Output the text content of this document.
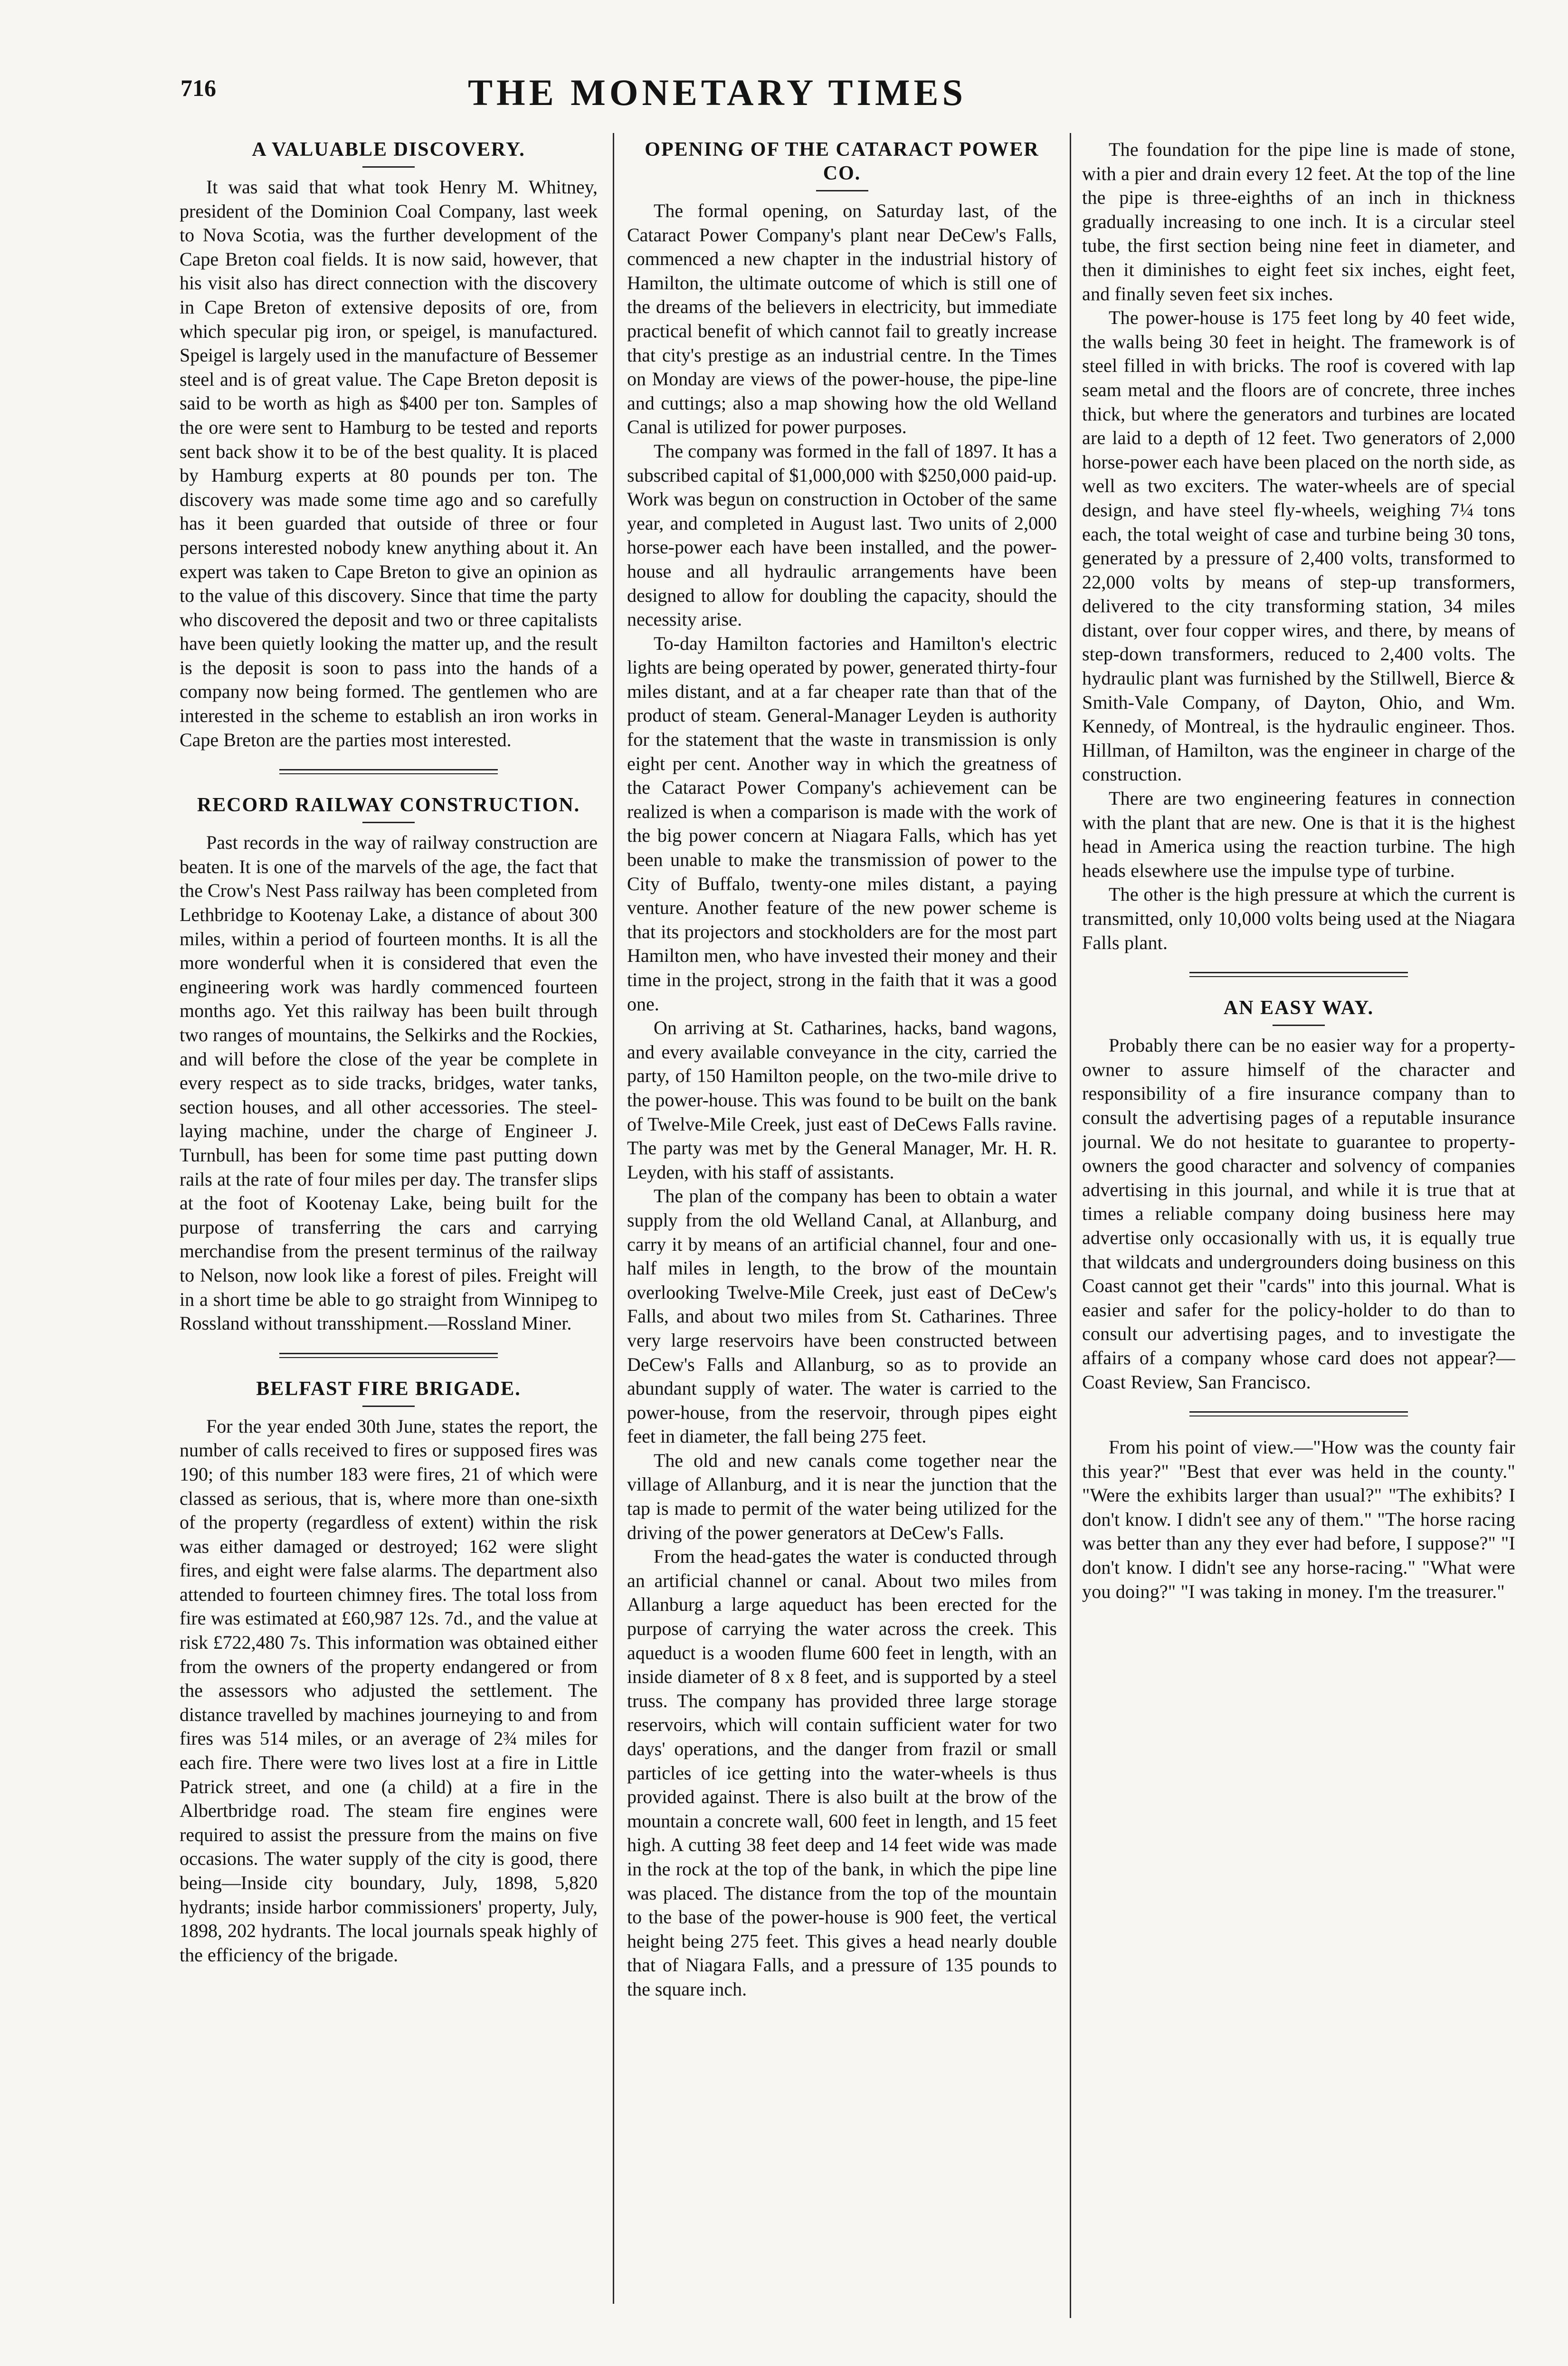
716	THE MONETARY TIMES
A VALUABLE DISCOVERY.

It was said that what took Henry M. Whitney, president of the Dominion Coal Company, last week to Nova Scotia, was the further development of the Cape Breton coal fields. It is now said, however, that his visit also has direct connection with the discovery in Cape Breton of extensive deposits of ore, from which specular pig iron, or speigel, is manufactured. Speigel is largely used in the manufacture of Bessemer steel and is of great value. The Cape Breton deposit is said to be worth as high as $400 per ton. Samples of the ore were sent to Hamburg to be tested and reports sent back show it to be of the best quality. It is placed by Hamburg experts at 80 pounds per ton. The discovery was made some time ago and so carefully has it been guarded that outside of three or four persons interested nobody knew anything about it. An expert was taken to Cape Breton to give an opinion as to the value of this discovery. Since that time the party who discovered the deposit and two or three capitalists have been quietly looking the matter up, and the result is the deposit is soon to pass into the hands of a company now being formed. The gentlemen who are interested in the scheme to establish an iron works in Cape Breton are the parties most interested.

RECORD RAILWAY CONSTRUCTION.

Past records in the way of railway construction are beaten. It is one of the marvels of the age, the fact that the Crow's Nest Pass railway has been completed from Lethbridge to Kootenay Lake, a distance of about 300 miles, within a period of fourteen months. It is all the more wonderful when it is considered that even the engineering work was hardly commenced fourteen months ago. Yet this railway has been built through two ranges of mountains, the Selkirks and the Rockies, and will before the close of the year be complete in every respect as to side tracks, bridges, water tanks, section houses, and all other accessories. The steel-laying machine, under the charge of Engineer J. Turnbull, has been for some time past putting down rails at the rate of four miles per day. The transfer slips at the foot of Kootenay Lake, being built for the purpose of transferring the cars and carrying merchandise from the present terminus of the railway to Nelson, now look like a forest of piles. Freight will in a short time be able to go straight from Winnipeg to Rossland without transshipment.—Rossland Miner.

BELFAST FIRE BRIGADE.

For the year ended 30th June, states the report, the number of calls received to fires or supposed fires was 190; of this number 183 were fires, 21 of which were classed as serious, that is, where more than one-sixth of the property (regardless of extent) within the risk was either damaged or destroyed; 162 were slight fires, and eight were false alarms. The department also attended to fourteen chimney fires. The total loss from fire was estimated at £60,987 12s. 7d., and the value at risk £722,480 7s. This information was obtained either from the owners of the property endangered or from the assessors who adjusted the settlement. The distance travelled by machines journeying to and from fires was 514 miles, or an average of 2¾ miles for each fire. There were two lives lost at a fire in Little Patrick street, and one (a child) at a fire in the Albertbridge road. The steam fire engines were required to assist the pressure from the mains on five occasions. The water supply of the city is good, there being—Inside city boundary, July, 1898, 5,820 hydrants; inside harbor commissioners' property, July, 1898, 202 hydrants. The local journals speak highly of the efficiency of the brigade.

OPENING OF THE CATARACT POWER CO.

The formal opening, on Saturday last, of the Cataract Power Company's plant near DeCew's Falls, commenced a new chapter in the industrial history of Hamilton, the ultimate outcome of which is still one of the dreams of the believers in electricity, but immediate practical benefit of which cannot fail to greatly increase that city's prestige as an industrial centre. In the Times on Monday are views of the power-house, the pipe-line and cuttings; also a map showing how the old Welland Canal is utilized for power purposes.

The company was formed in the fall of 1897. It has a subscribed capital of $1,000,000 with $250,000 paid-up. Work was begun on construction in October of the same year, and completed in August last. Two units of 2,000 horse-power each have been installed, and the power-house and all hydraulic arrangements have been designed to allow for doubling the capacity, should the necessity arise.

To-day Hamilton factories and Hamilton's electric lights are being operated by power, generated thirty-four miles distant, and at a far cheaper rate than that of the product of steam. General-Manager Leyden is authority for the statement that the waste in transmission is only eight per cent. Another way in which the greatness of the Cataract Power Company's achievement can be realized is when a comparison is made with the work of the big power concern at Niagara Falls, which has yet been unable to make the transmission of power to the City of Buffalo, twenty-one miles distant, a paying venture. Another feature of the new power scheme is that its projectors and stockholders are for the most part Hamilton men, who have invested their money and their time in the project, strong in the faith that it was a good one.

On arriving at St. Catharines, hacks, band wagons, and every available conveyance in the city, carried the party, of 150 Hamilton people, on the two-mile drive to the power-house. This was found to be built on the bank of Twelve-Mile Creek, just east of DeCews Falls ravine. The party was met by the General Manager, Mr. H. R. Leyden, with his staff of assistants.

The plan of the company has been to obtain a water supply from the old Welland Canal, at Allanburg, and carry it by means of an artificial channel, four and one-half miles in length, to the brow of the mountain overlooking Twelve-Mile Creek, just east of DeCew's Falls, and about two miles from St. Catharines. Three very large reservoirs have been constructed between DeCew's Falls and Allanburg, so as to provide an abundant supply of water. The water is carried to the power-house, from the reservoir, through pipes eight feet in diameter, the fall being 275 feet.

The old and new canals come together near the village of Allanburg, and it is near the junction that the tap is made to permit of the water being utilized for the driving of the power generators at DeCew's Falls.

From the head-gates the water is conducted through an artificial channel or canal. About two miles from Allanburg a large aqueduct has been erected for the purpose of carrying the water across the creek. This aqueduct is a wooden flume 600 feet in length, with an inside diameter of 8 x 8 feet, and is supported by a steel truss. The company has provided three large storage reservoirs, which will contain sufficient water for two days' operations, and the danger from frazil or small particles of ice getting into the water-wheels is thus provided against. There is also built at the brow of the mountain a concrete wall, 600 feet in length, and 15 feet high. A cutting 38 feet deep and 14 feet wide was made in the rock at the top of the bank, in which the pipe line was placed. The distance from the top of the mountain to the base of the power-house is 900 feet, the vertical height being 275 feet. This gives a head nearly double that of Niagara Falls, and a pressure of 135 pounds to the square inch.

The foundation for the pipe line is made of stone, with a pier and drain every 12 feet. At the top of the line the pipe is three-eighths of an inch in thickness gradually increasing to one inch. It is a circular steel tube, the first section being nine feet in diameter, and then it diminishes to eight feet six inches, eight feet, and finally seven feet six inches.

The power-house is 175 feet long by 40 feet wide, the walls being 30 feet in height. The framework is of steel filled in with bricks. The roof is covered with lap seam metal and the floors are of concrete, three inches thick, but where the generators and turbines are located are laid to a depth of 12 feet. Two generators of 2,000 horse-power each have been placed on the north side, as well as two exciters. The water-wheels are of special design, and have steel fly-wheels, weighing 7¼ tons each, the total weight of case and turbine being 30 tons, generated by a pressure of 2,400 volts, transformed to 22,000 volts by means of step-up transformers, delivered to the city transforming station, 34 miles distant, over four copper wires, and there, by means of step-down transformers, reduced to 2,400 volts. The hydraulic plant was furnished by the Stillwell, Bierce & Smith-Vale Company, of Dayton, Ohio, and Wm. Kennedy, of Montreal, is the hydraulic engineer. Thos. Hillman, of Hamilton, was the engineer in charge of the construction.

There are two engineering features in connection with the plant that are new. One is that it is the highest head in America using the reaction turbine. The high heads elsewhere use the impulse type of turbine.

The other is the high pressure at which the current is transmitted, only 10,000 volts being used at the Niagara Falls plant.

AN EASY WAY.

Probably there can be no easier way for a property-owner to assure himself of the character and responsibility of a fire insurance company than to consult the advertising pages of a reputable insurance journal. We do not hesitate to guarantee to property-owners the good character and solvency of companies advertising in this journal, and while it is true that at times a reliable company doing business here may advertise only occasionally with us, it is equally true that wildcats and undergrounders doing business on this Coast cannot get their "cards" into this journal. What is easier and safer for the policy-holder to do than to consult our advertising pages, and to investigate the affairs of a company whose card does not appear?—Coast Review, San Francisco.

From his point of view.—"How was the county fair this year?" "Best that ever was held in the county." "Were the exhibits larger than usual?" "The exhibits? I don't know. I didn't see any of them." "The horse racing was better than any they ever had before, I suppose?" "I don't know. I didn't see any horse-racing." "What were you doing?" "I was taking in money. I'm the treasurer."
